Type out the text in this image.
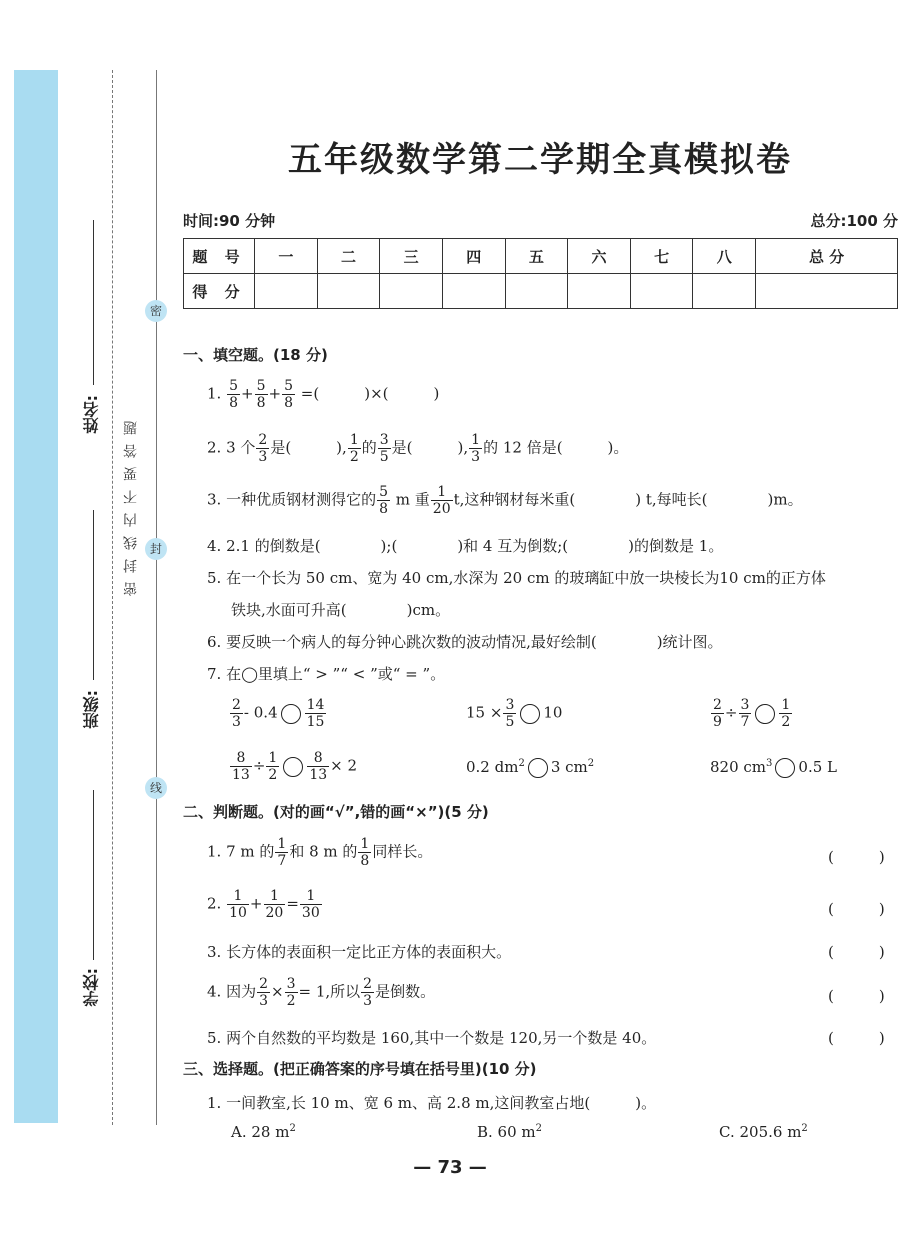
密
封
线
密封线内不要答题
姓名:
班级:
学校:
五年级数学第二学期全真模拟卷
时间:90 分钟	总分:100 分
题 号	一	二	三	四	五	六	七	八	总 分
得 分									
一、填空题。(18 分)
1. $\frac{5}{8} + \frac{5}{8} + \frac{5}{8}$ =(　　　)×(　　　)
2. 3 个 $\frac{2}{3}$ 是(　　　), $\frac{1}{2}$ 的 $\frac{3}{5}$ 是(　　　), $\frac{1}{3}$ 的 12 倍是(　　　)。
3. 一种优质钢材测得它的 $\frac{5}{8}$ m 重 $\frac{1}{20} t$,这种钢材每米重(　　　　) t,每吨长(　　　　)m。
4. 2.1 的倒数是(　　　　);(　　　　)和 4 互为倒数;(　　　　)的倒数是 1。
5. 在一个长为 50 cm、宽为 40 cm,水深为 20 cm 的玻璃缸中放一块棱长为10 cm的正方体
铁块,水面可升高(　　　　)cm。
6. 要反映一个病人的每分钟心跳次数的波动情况,最好绘制(　　　　)统计图。
7. 在◯里填上“ > ”“ < ”或“ = ”。
$\frac{2}{3} - 0.4 \frac{14}{15}$	$15 \times \frac{3}{5} 10$	$\frac{2}{9} \div \frac{3}{7} \frac{1}{2}$
$\frac{8}{13} \div \frac{1}{2} \frac{8}{13} \times 2$	0.2 $dm^2$ 3 $cm^2$	820 $cm^3$ 0.5 L
二、判断题。(对的画“√”,错的画“×”)(5 分)
1. 7 m 的 $\frac{1}{7}$ 和 8 m 的 $\frac{1}{8}$ 同样长。	(　　　)
2. $\frac{1}{10} + \frac{1}{20} = \frac{1}{30}$	(　　　)
3. 长方体的表面积一定比正方体的表面积大。	(　　　)
4. 因为 $\frac{2}{3} \times \frac{3}{2} = 1$,所以 $\frac{2}{3}$ 是倒数。	(　　　)
5. 两个自然数的平均数是 160,其中一个数是 120,另一个数是 40。	(　　　)
三、选择题。(把正确答案的序号填在括号里)(10 分)
1. 一间教室,长 10 m、宽 6 m、高 2.8 m,这间教室占地(　　　)。
A. 28 $m^2$	B. 60 $m^2$	C. 205.6 $m^2$
— 73 —
